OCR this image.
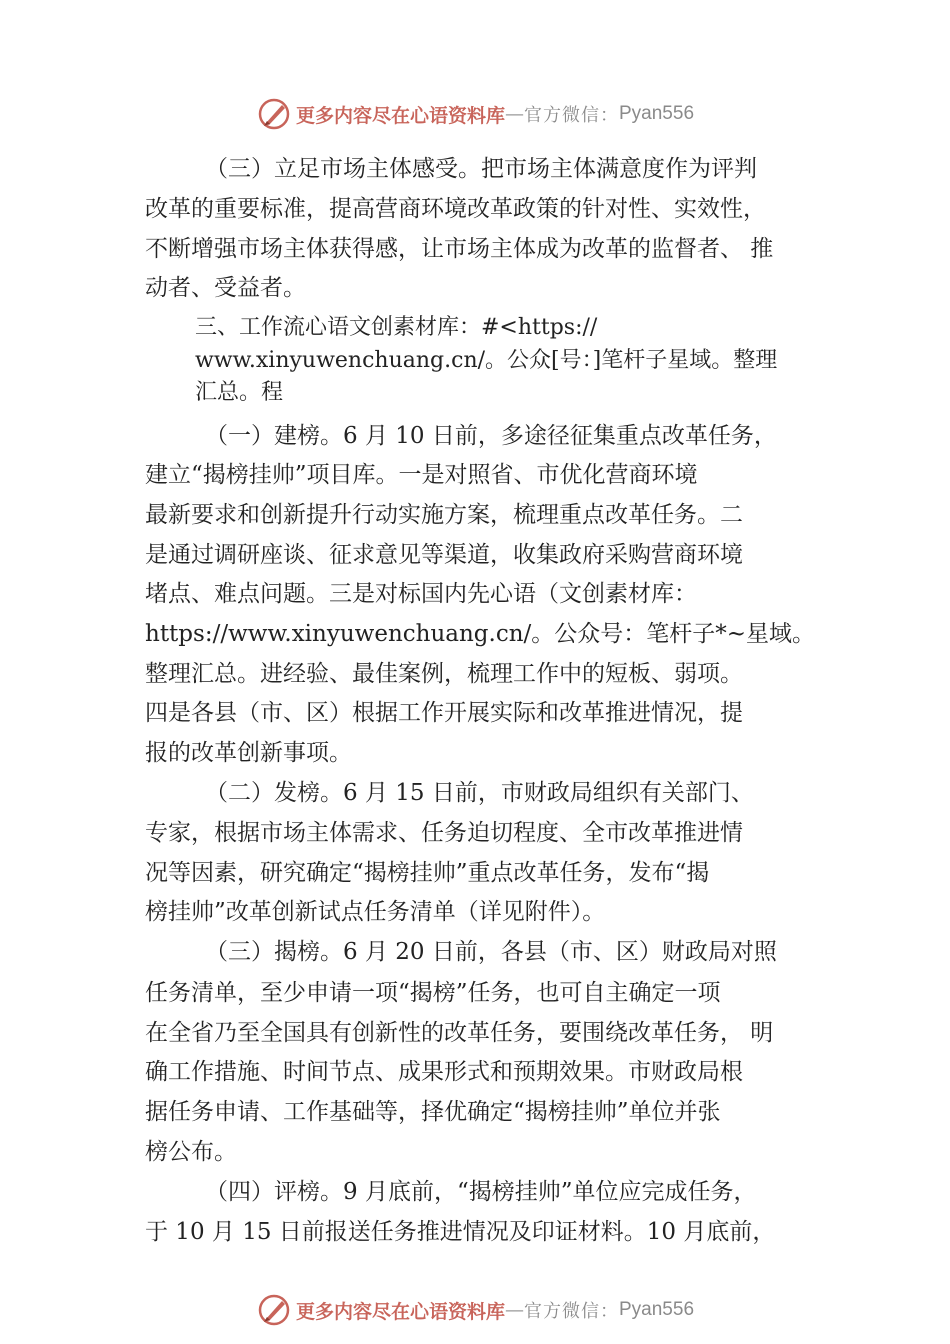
更多内容尽在心语资料库 — 官方微信： Pyan556
（三）立足市场主体感受。把市场主体满意度作为评判
改革的重要标准，提高营商环境改革政策的针对性、实效性，
不断增强市场主体获得感，让市场主体成为改革的监督者、 推
动者、受益者。
三、工作流心语文创素材库：#<https://
www.xinyuwenchuang.cn/。公众[号：]笔杆子星域。整理
汇总。程
（一）建榜。6 月 10 日前，多途径征集重点改革任务，
建立“揭榜挂帅”项目库。一是对照省、市优化营商环境
最新要求和创新提升行动实施方案，梳理重点改革任务。二
是通过调研座谈、征求意见等渠道，收集政府采购营商环境
堵点、难点问题。三是对标国内先心语（文创素材库：
https://www.xinyuwenchuang.cn/。公众号：笔杆子*~星域。
整理汇总。进经验、最佳案例，梳理工作中的短板、弱项。
四是各县（市、区）根据工作开展实际和改革推进情况，提
报的改革创新事项。
（二）发榜。6 月 15 日前，市财政局组织有关部门、
专家，根据市场主体需求、任务迫切程度、全市改革推进情
况等因素，研究确定“揭榜挂帅”重点改革任务，发布“揭
榜挂帅”改革创新试点任务清单（详见附件）。
（三）揭榜。6 月 20 日前，各县（市、区）财政局对照
任务清单，至少申请一项“揭榜”任务，也可自主确定一项
在全省乃至全国具有创新性的改革任务，要围绕改革任务， 明
确工作措施、时间节点、成果形式和预期效果。市财政局根
据任务申请、工作基础等，择优确定“揭榜挂帅”单位并张
榜公布。
（四）评榜。9 月底前，“揭榜挂帅”单位应完成任务，
于 10 月 15 日前报送任务推进情况及印证材料。10 月底前，
更多内容尽在心语资料库 — 官方微信： Pyan556
